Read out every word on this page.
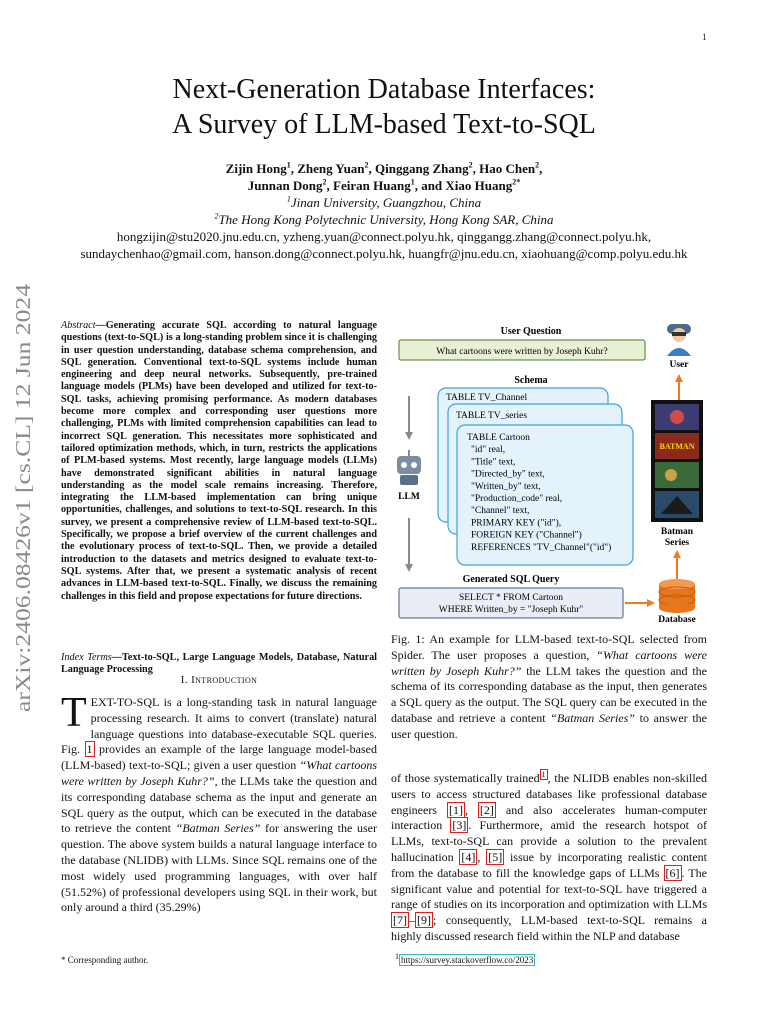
1
arXiv:2406.08426v1 [cs.CL] 12 Jun 2024
Next-Generation Database Interfaces:
A Survey of LLM-based Text-to-SQL
Zijin Hong$^1$, Zheng Yuan$^2$, Qinggang Zhang$^2$, Hao Chen$^2$,
Junnan Dong$^2$, Feiran Huang$^1$, and Xiao Huang$^{2*}$
$^1$Jinan University, Guangzhou, China
$^2$The Hong Kong Polytechnic University, Hong Kong SAR, China
hongzijin@stu2020.jnu.edu.cn, yzheng.yuan@connect.polyu.hk, qinggangg.zhang@connect.polyu.hk,
sundaychenhao@gmail.com, hanson.dong@connect.polyu.hk, huangfr@jnu.edu.cn, xiaohuang@comp.polyu.edu.hk
Abstract—Generating accurate SQL according to natural language questions (text-to-SQL) is a long-standing problem since it is challenging in user question understanding, database schema comprehension, and SQL generation. Conventional text-to-SQL systems include human engineering and deep neural networks. Subsequently, pre-trained language models (PLMs) have been developed and utilized for text-to-SQL tasks, achieving promising performance. As modern databases become more complex and corresponding user questions more challenging, PLMs with limited comprehension capabilities can lead to incorrect SQL generation. This necessitates more sophisticated and tailored optimization methods, which, in turn, restricts the applications of PLM-based systems. Most recently, large language models (LLMs) have demonstrated significant abilities in natural language understanding as the model scale remains increasing. Therefore, integrating the LLM-based implementation can bring unique opportunities, challenges, and solutions to text-to-SQL research. In this survey, we present a comprehensive review of LLM-based text-to-SQL. Specifically, we propose a brief overview of the current challenges and the evolutionary process of text-to-SQL. Then, we provide a detailed introduction to the datasets and metrics designed to evaluate text-to-SQL systems. After that, we present a systematic analysis of recent advances in LLM-based text-to-SQL. Finally, we discuss the remaining challenges in this field and propose expectations for future directions.
Index Terms—Text-to-SQL, Large Language Models, Database, Natural Language Processing
I. Introduction
TEXT-TO-SQL is a long-standing task in natural language processing research. It aims to convert (translate) natural language questions into database-executable SQL queries. Fig. 1 provides an example of the large language model-based (LLM-based) text-to-SQL; given a user question “What cartoons were written by Joseph Kuhr?”, the LLMs take the question and its corresponding database schema as the input and generate an SQL query as the output, which can be executed in the database to retrieve the content “Batman Series” for answering the user question. The above system builds a natural language interface to the database (NLIDB) with LLMs. Since SQL remains one of the most widely used programming languages, with over half (51.52%) of professional developers using SQL in their work, but only around a third (35.29%)
User Question
What cartoons were written by Joseph Kuhr?
User
Schema
TABLE TV_Channel
TABLE TV_series
TABLE Cartoon
"id" real,
"Title" text,
"Directed_by" text,
"Written_by" text,
"Production_code" real,
"Channel" text,
PRIMARY KEY ("id"),
FOREIGN KEY ("Channel")
REFERENCES "TV_Channel"("id")
LLM
BATMAN
Batman
Series
Generated SQL Query
SELECT * FROM Cartoon
WHERE Written_by = "Joseph Kuhr"
Database
Fig. 1: An example for LLM-based text-to-SQL selected from Spider. The user proposes a question, “What cartoons were written by Joseph Kuhr?” the LLM takes the question and the schema of its corresponding database as the input, then generates a SQL query as the output. The SQL query can be executed in the database and retrieve a content “Batman Series” to answer the user question.
of those systematically trained $^1$ , the NLIDB enables non-skilled users to access structured databases like professional database engineers [1] , [2] and also accelerates human-computer interaction [3] . Furthermore, amid the research hotspot of LLMs, text-to-SQL can provide a solution to the prevalent hallucination [4] , [5] issue by incorporating realistic content from the database to fill the knowledge gaps of LLMs [6] . The significant value and potential for text-to-SQL have triggered a range of studies on its incorporation and optimization with LLMs [7] – [9] ; consequently, LLM-based text-to-SQL remains a highly discussed research field within the NLP and database
* Corresponding author.	$^1$ https://survey.stackoverflow.co/2023
